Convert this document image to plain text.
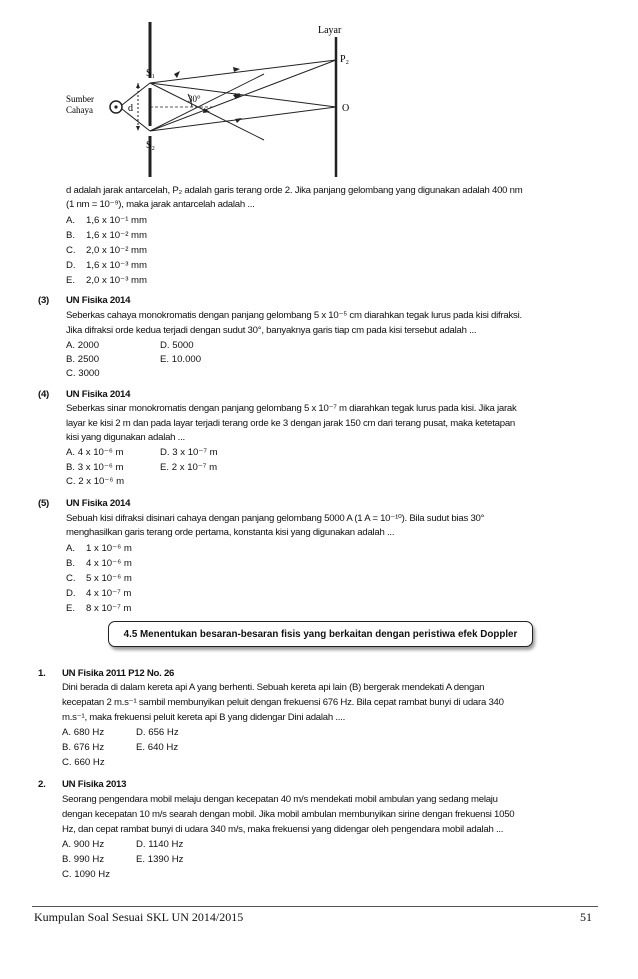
Layar
P₂
O
S₁
S₂
d
30°
Sumber
Cahaya
d adalah jarak antarcelah, P₂ adalah garis terang orde 2. Jika panjang gelombang yang digunakan adalah 400 nm
(1 nm = 10⁻⁹), maka jarak antarcelah adalah ...
A. 1,6 x 10⁻¹ mm
B. 1,6 x 10⁻² mm
C. 2,0 x 10⁻² mm
D. 1,6 x 10⁻³ mm
E. 2,0 x 10⁻³ mm
(3) UN Fisika 2014
Seberkas cahaya monokromatis dengan panjang gelombang 5 x 10⁻⁵ cm diarahkan tegak lurus pada kisi difraksi.
Jika difraksi orde kedua terjadi dengan sudut 30°, banyaknya garis tiap cm pada kisi tersebut adalah ...
A. 2000	D. 5000
B. 2500	E. 10.000
C. 3000
(4) UN Fisika 2014
Seberkas sinar monokromatis dengan panjang gelombang 5 x 10⁻⁷ m diarahkan tegak lurus pada kisi. Jika jarak
layar ke kisi 2 m dan pada layar terjadi terang orde ke 3 dengan jarak 150 cm dari terang pusat, maka ketetapan
kisi yang digunakan adalah ...
A. 4 x 10⁻⁶ m	D. 3 x 10⁻⁷ m
B. 3 x 10⁻⁶ m	E. 2 x 10⁻⁷ m
C. 2 x 10⁻⁶ m
(5) UN Fisika 2014
Sebuah kisi difraksi disinari cahaya dengan panjang gelombang 5000 A (1 A = 10⁻¹⁰). Bila sudut bias 30°
menghasilkan garis terang orde pertama, konstanta kisi yang digunakan adalah ...
A. 1 x 10⁻⁶ m
B. 4 x 10⁻⁶ m
C. 5 x 10⁻⁶ m
D. 4 x 10⁻⁷ m
E. 8 x 10⁻⁷ m
4.5 Menentukan besaran-besaran fisis yang berkaitan dengan peristiwa efek Doppler
1. UN Fisika 2011 P12 No. 26
Dini berada di dalam kereta api A yang berhenti. Sebuah kereta api lain (B) bergerak mendekati A dengan
kecepatan 2 m.s⁻¹ sambil membunyikan peluit dengan frekuensi 676 Hz. Bila cepat rambat bunyi di udara 340
m.s⁻¹, maka frekuensi peluit kereta api B yang didengar Dini adalah ....
A. 680 Hz	D. 656 Hz
B. 676 Hz	E. 640 Hz
C. 660 Hz
2. UN Fisika 2013
Seorang pengendara mobil melaju dengan kecepatan 40 m/s mendekati mobil ambulan yang sedang melaju
dengan kecepatan 10 m/s searah dengan mobil. Jika mobil ambulan membunyikan sirine dengan frekuensi 1050
Hz, dan cepat rambat bunyi di udara 340 m/s, maka frekuensi yang didengar oleh pengendara mobil adalah ...
A. 900 Hz	D. 1140 Hz
B. 990 Hz	E. 1390 Hz
C. 1090 Hz
Kumpulan Soal Sesuai SKL UN 2014/2015	51
